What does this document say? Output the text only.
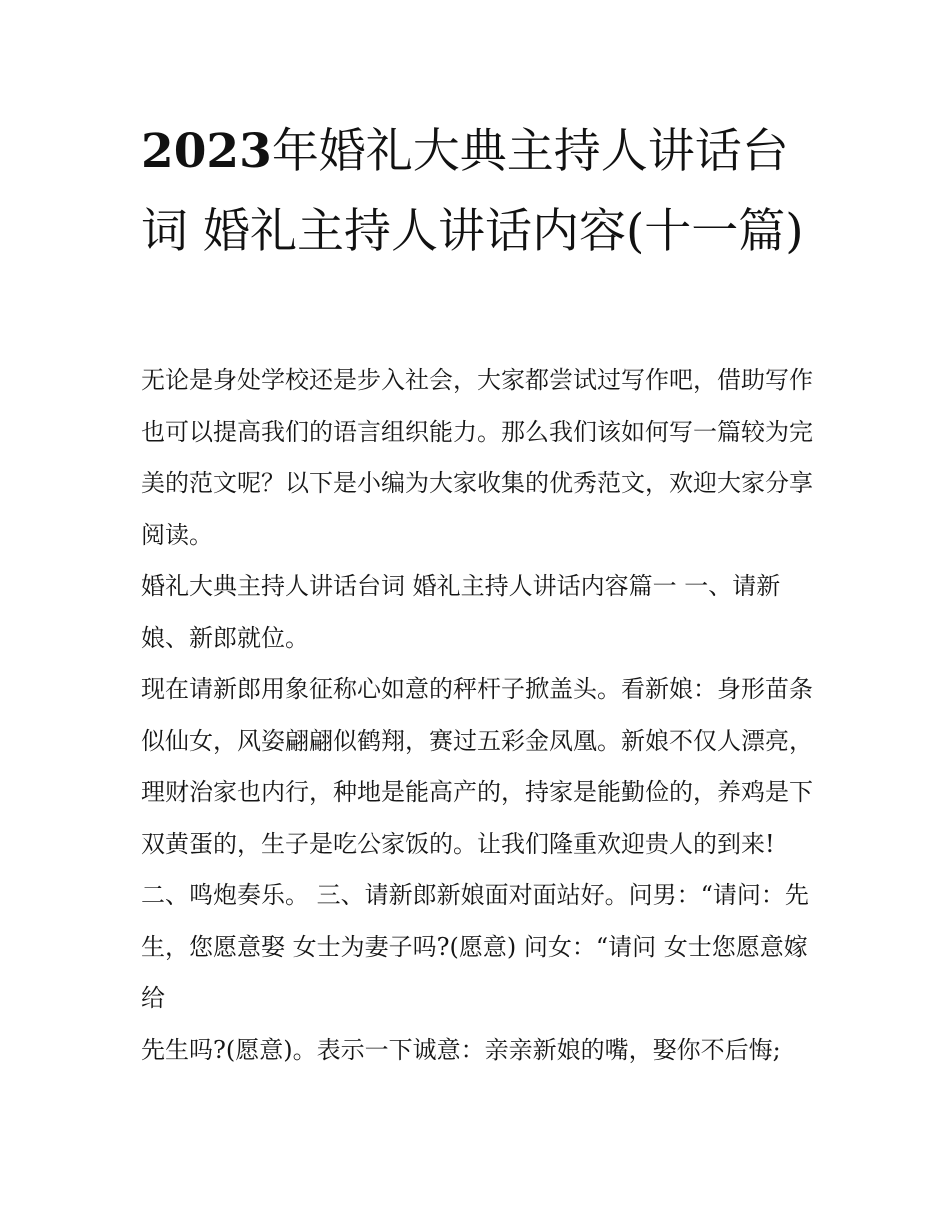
2023年婚礼大典主持人讲话台词 婚礼主持人讲话内容(十一篇)

无论是身处学校还是步入社会，大家都尝试过写作吧，借助写作也可以提高我们的语言组织能力。那么我们该如何写一篇较为完美的范文呢？以下是小编为大家收集的优秀范文，欢迎大家分享阅读。

婚礼大典主持人讲话台词 婚礼主持人讲话内容篇一 一、请新娘、新郎就位。

现在请新郎用象征称心如意的秤杆子掀盖头。看新娘：身形苗条似仙女，风姿翩翩似鹤翔，赛过五彩金凤凰。新娘不仅人漂亮，理财治家也内行，种地是能高产的，持家是能勤俭的，养鸡是下双黄蛋的，生子是吃公家饭的。让我们隆重欢迎贵人的到来!

二、鸣炮奏乐。 三、请新郎新娘面对面站好。问男：“请问：先生，您愿意娶 女士为妻子吗?(愿意) 问女：“请问 女士您愿意嫁给

先生吗?(愿意)。表示一下诚意：亲亲新娘的嘴，娶你不后悔;
